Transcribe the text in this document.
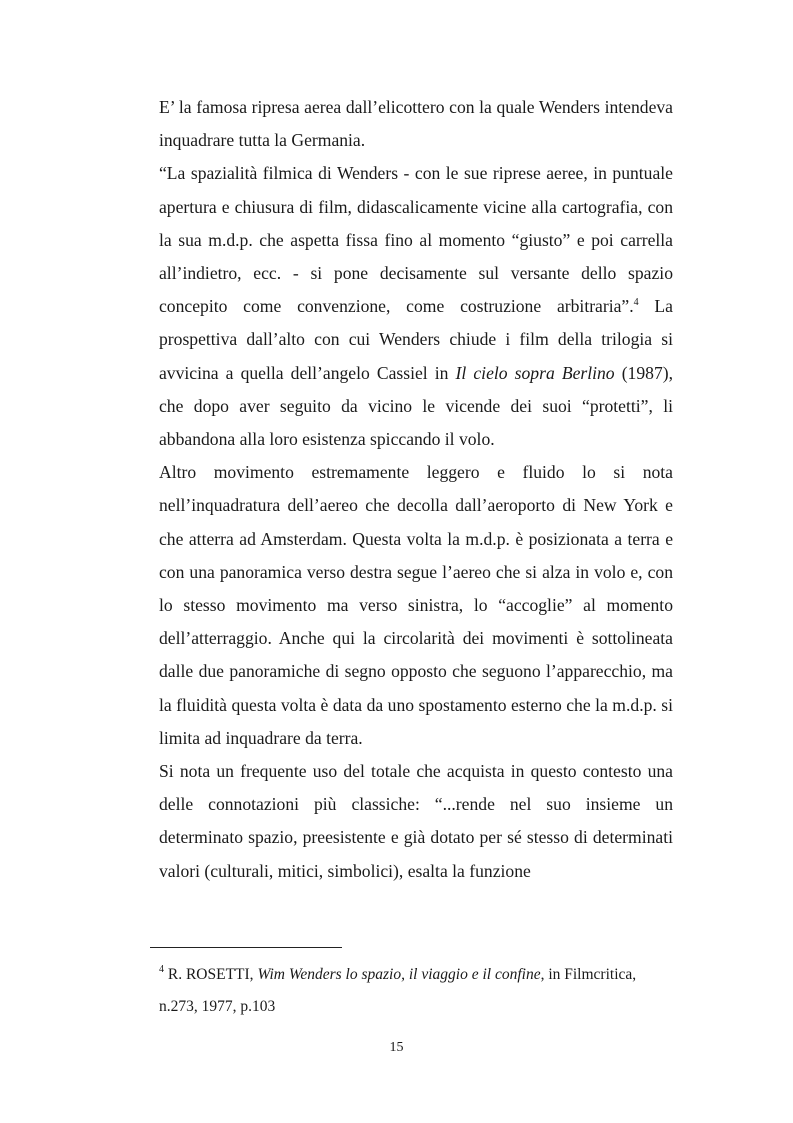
E’ la famosa ripresa aerea dall’elicottero con la quale Wenders intendeva inquadrare tutta la Germania.

“La spazialità filmica di Wenders - con le sue riprese aeree, in puntuale apertura e chiusura di film, didascalicamente vicine alla cartografia, con la sua m.d.p. che aspetta fissa fino al momento “giusto” e poi carrella all’indietro, ecc. - si pone decisamente sul versante dello spazio concepito come convenzione, come costruzione arbitraria”.$^4$ La prospettiva dall’alto con cui Wenders chiude i film della trilogia si avvicina a quella dell’angelo Cassiel in Il cielo sopra Berlino (1987), che dopo aver seguito da vicino le vicende dei suoi “protetti”, li abbandona alla loro esistenza spiccando il volo.

Altro movimento estremamente leggero e fluido lo si nota nell’inquadratura dell’aereo che decolla dall’aeroporto di New York e che atterra ad Amsterdam. Questa volta la m.d.p. è posizionata a terra e con una panoramica verso destra segue l’aereo che si alza in volo e, con lo stesso movimento ma verso sinistra, lo “accoglie” al momento dell’atterraggio. Anche qui la circolarità dei movimenti è sottolineata dalle due panoramiche di segno opposto che seguono l’apparecchio, ma la fluidità questa volta è data da uno spostamento esterno che la m.d.p. si limita ad inquadrare da terra.

Si nota un frequente uso del totale che acquista in questo contesto una delle connotazioni più classiche: “...rende nel suo insieme un determinato spazio, preesistente e già dotato per sé stesso di determinati valori (culturali, mitici, simbolici), esalta la funzione

$^4$ R. ROSETTI, Wim Wenders lo spazio, il viaggio e il confine, in Filmcritica, n.273, 1977, p.103
15
